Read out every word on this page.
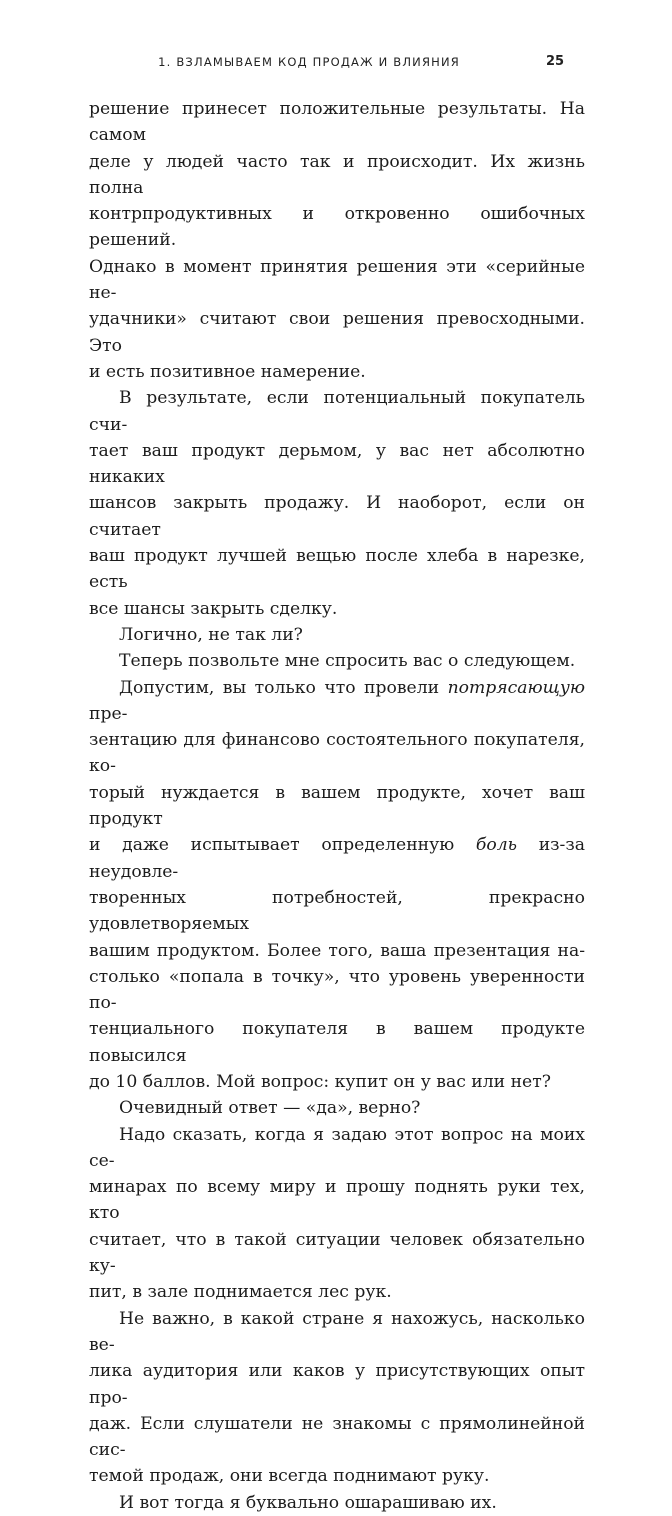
1. ВЗЛАМЫВАЕМ КОД ПРОДАЖ И ВЛИЯНИЯ	25

решение принесет положительные результаты. На самом
деле у людей часто так и происходит. Их жизнь полна
контрпродуктивных и откровенно ошибочных решений.
Однако в момент принятия решения эти «серийные не-
удачники» считают свои решения превосходными. Это
и есть позитивное намерение.

В результате, если потенциальный покупатель счи-
тает ваш продукт дерьмом, у вас нет абсолютно никаких
шансов закрыть продажу. И наоборот, если он считает
ваш продукт лучшей вещью после хлеба в нарезке, есть
все шансы закрыть сделку.

Логично, не так ли?

Теперь позвольте мне спросить вас о следующем.

Допустим, вы только что провели потрясающую пре-
зентацию для финансово состоятельного покупателя, ко-
торый нуждается в вашем продукте, хочет ваш продукт
и даже испытывает определенную боль из-за неудовле-
творенных потребностей, прекрасно удовлетворяемых
вашим продуктом. Более того, ваша презентация на-
столько «попала в точку», что уровень уверенности по-
тенциального покупателя в вашем продукте повысился
до 10 баллов. Мой вопрос: купит он у вас или нет?

Очевидный ответ — «да», верно?

Надо сказать, когда я задаю этот вопрос на моих се-
минарах по всему миру и прошу поднять руки тех, кто
считает, что в такой ситуации человек обязательно ку-
пит, в зале поднимается лес рук.

Не важно, в какой стране я нахожусь, насколько ве-
лика аудитория или каков у присутствующих опыт про-
даж. Если слушатели не знакомы с прямолинейной сис-
темой продаж, они всегда поднимают руку.

И вот тогда я буквально ошарашиваю их.
